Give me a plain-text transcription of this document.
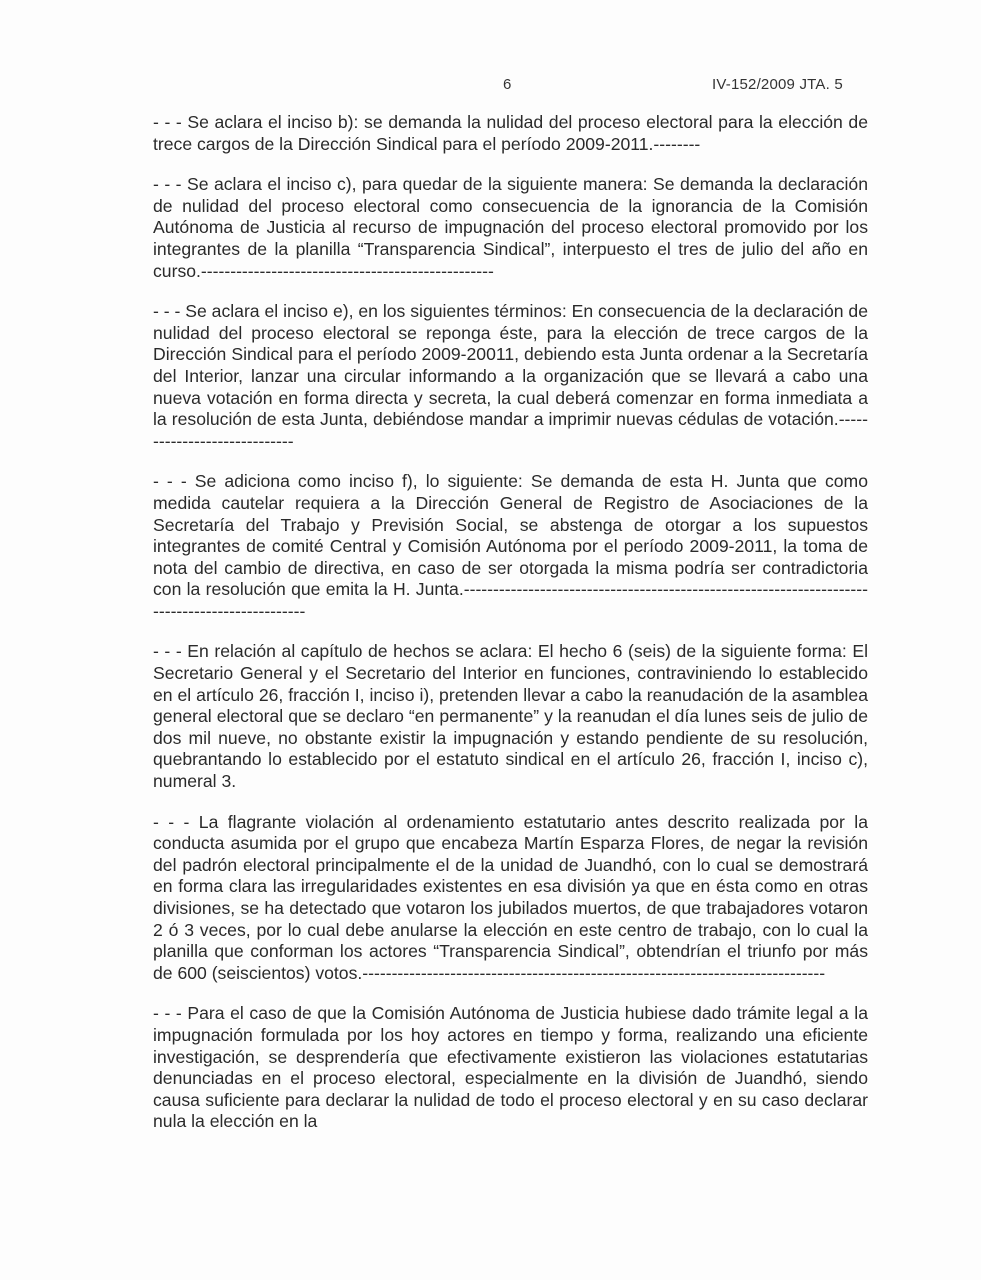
6	IV-152/2009 JTA. 5

- - - Se aclara el inciso b): se demanda la nulidad del proceso electoral para la elección de trece cargos de la Dirección Sindical para el período 2009-2011.--------

- - - Se aclara el inciso c), para quedar de la siguiente manera: Se demanda la declaración de nulidad del proceso electoral como consecuencia de la ignorancia de la Comisión Autónoma de Justicia al recurso de impugnación del proceso electoral promovido por los integrantes de la planilla “Transparencia Sindical”, interpuesto el tres de julio del año en curso.--------------------------------------------------

- - - Se aclara el inciso e), en los siguientes términos: En consecuencia de la declaración de nulidad del proceso electoral se reponga éste, para la elección de trece cargos de la Dirección Sindical para el período 2009-20011, debiendo esta Junta ordenar a la Secretaría del Interior, lanzar una circular informando a la organización que se llevará a cabo una nueva votación en forma directa y secreta, la cual deberá comenzar en forma inmediata a la resolución de esta Junta, debiéndose mandar a imprimir nuevas cédulas de votación.-----------------------------

- - - Se adiciona como inciso f), lo siguiente: Se demanda de esta H. Junta que como medida cautelar requiera a la Dirección General de Registro de Asociaciones de la Secretaría del Trabajo y Previsión Social, se abstenga de otorgar a los supuestos integrantes de comité Central y Comisión Autónoma por el período 2009-2011, la toma de nota del cambio de directiva, en caso de ser otorgada la misma podría ser contradictoria con la resolución que emita la H. Junta.-----------------------------------------------------------------------------------------------

- - - En relación al capítulo de hechos se aclara: El hecho 6 (seis) de la siguiente forma: El Secretario General y el Secretario del Interior en funciones, contraviniendo lo establecido en el artículo 26, fracción I, inciso i), pretenden llevar a cabo la reanudación de la asamblea general electoral que se declaro “en permanente” y la reanudan el día lunes seis de julio de dos mil nueve, no obstante existir la impugnación y estando pendiente de su resolución, quebrantando lo establecido por el estatuto sindical en el artículo 26, fracción I, inciso c), numeral 3.

- - - La flagrante violación al ordenamiento estatutario antes descrito realizada por la conducta asumida por el grupo que encabeza Martín Esparza Flores, de negar la revisión del padrón electoral principalmente el de la unidad de Juandhó, con lo cual se demostrará en forma clara las irregularidades existentes en esa división ya que en ésta como en otras divisiones, se ha detectado que votaron los jubilados muertos, de que trabajadores votaron 2 ó 3 veces, por lo cual debe anularse la elección en este centro de trabajo, con lo cual la planilla que conforman los actores “Transparencia Sindical”, obtendrían el triunfo por más de 600 (seiscientos) votos.-------------------------------------------------------------------------------

- - - Para el caso de que la Comisión Autónoma de Justicia hubiese dado trámite legal a la impugnación formulada por los hoy actores en tiempo y forma, realizando una eficiente investigación, se desprendería que efectivamente existieron las violaciones estatutarias denunciadas en el proceso electoral, especialmente en la división de Juandhó, siendo causa suficiente para declarar la nulidad de todo el proceso electoral y en su caso declarar nula la elección en la
